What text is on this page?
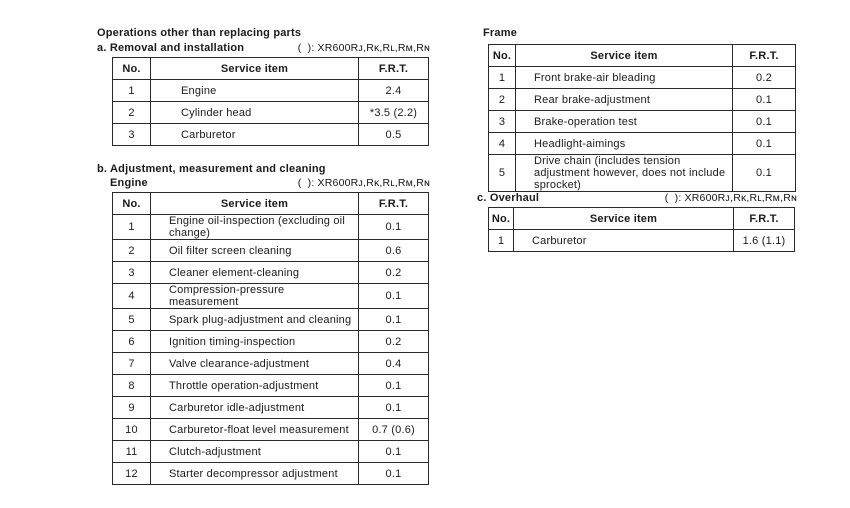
Operations other than replacing parts
a. Removal and installation	(  ): XR600Rᴊ,Rᴋ,Rʟ,Rᴍ,Rɴ
No.	Service item	F.R.T.
1	Engine	2.4
2	Cylinder head	*3.5 (2.2)
3	Carburetor	0.5
b. Adjustment, measurement and cleaning
Engine	(  ): XR600Rᴊ,Rᴋ,Rʟ,Rᴍ,Rɴ
No.	Service item	F.R.T.
1	Engine oil-inspection (excluding oil change)	0.1
2	Oil filter screen cleaning	0.6
3	Cleaner element-cleaning	0.2
4	Compression-pressure measurement	0.1
5	Spark plug-adjustment and cleaning	0.1
6	Ignition timing-inspection	0.2
7	Valve clearance-adjustment	0.4
8	Throttle operation-adjustment	0.1
9	Carburetor idle-adjustment	0.1
10	Carburetor-float level measurement	0.7 (0.6)
11	Clutch-adjustment	0.1
12	Starter decompressor adjustment	0.1
Frame
No.	Service item	F.R.T.
1	Front brake-air bleading	0.2
2	Rear brake-adjustment	0.1
3	Brake-operation test	0.1
4	Headlight-aimings	0.1
5	Drive chain (includes tension adjustment however, does not include sprocket)	0.1
c. Overhaul	(  ): XR600Rᴊ,Rᴋ,Rʟ,Rᴍ,Rɴ
No.	Service item	F.R.T.
1	Carburetor	1.6 (1.1)
